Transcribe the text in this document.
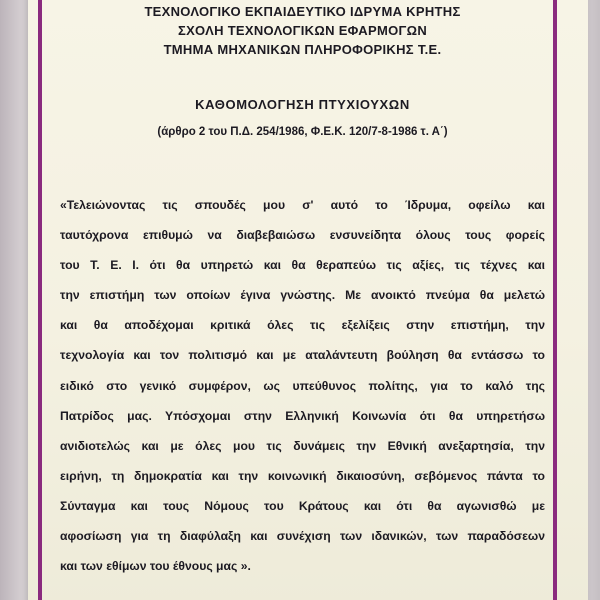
ΤΕΧΝΟΛΟΓΙΚΟ ΕΚΠΑΙΔΕΥΤΙΚΟ ΙΔΡΥΜΑ ΚΡΗΤΗΣ

ΣΧΟΛΗ ΤΕΧΝΟΛΟΓΙΚΩΝ ΕΦΑΡΜΟΓΩΝ

ΤΜΗΜΑ ΜΗΧΑΝΙΚΩΝ ΠΛΗΡΟΦΟΡΙΚΗΣ Τ.Ε.

ΚΑΘΟΜΟΛΟΓΗΣΗ ΠΤΥΧΙΟΥΧΩΝ
(άρθρο 2 του Π.Δ. 254/1986, Φ.Ε.Κ. 120/7-8-1986 τ. Α΄)
«Τελειώνοντας τις σπουδές μου σ' αυτό το Ίδρυμα, οφείλω και
ταυτόχρονα επιθυμώ να διαβεβαιώσω ενσυνείδητα όλους τους φορείς
του Τ. Ε. Ι. ότι θα υπηρετώ και θα θεραπεύω τις αξίες, τις τέχνες και
την επιστήμη των οποίων έγινα γνώστης. Με ανοικτό πνεύμα θα μελετώ
και θα αποδέχομαι κριτικά όλες τις εξελίξεις στην επιστήμη, την
τεχνολογία και τον πολιτισμό και με αταλάντευτη βούληση θα εντάσσω το
ειδικό στο γενικό συμφέρον, ως υπεύθυνος πολίτης, για το καλό της
Πατρίδος μας. Υπόσχομαι στην Ελληνική Κοινωνία ότι θα υπηρετήσω
ανιδιοτελώς και με όλες μου τις δυνάμεις την Εθνική ανεξαρτησία, την
ειρήνη, τη δημοκρατία και την κοινωνική δικαιοσύνη, σεβόμενος πάντα το
Σύνταγμα και τους Νόμους του Κράτους και ότι θα αγωνισθώ με
αφοσίωση για τη διαφύλαξη και συνέχιση των ιδανικών, των παραδόσεων
και των εθίμων του έθνους μας ».
